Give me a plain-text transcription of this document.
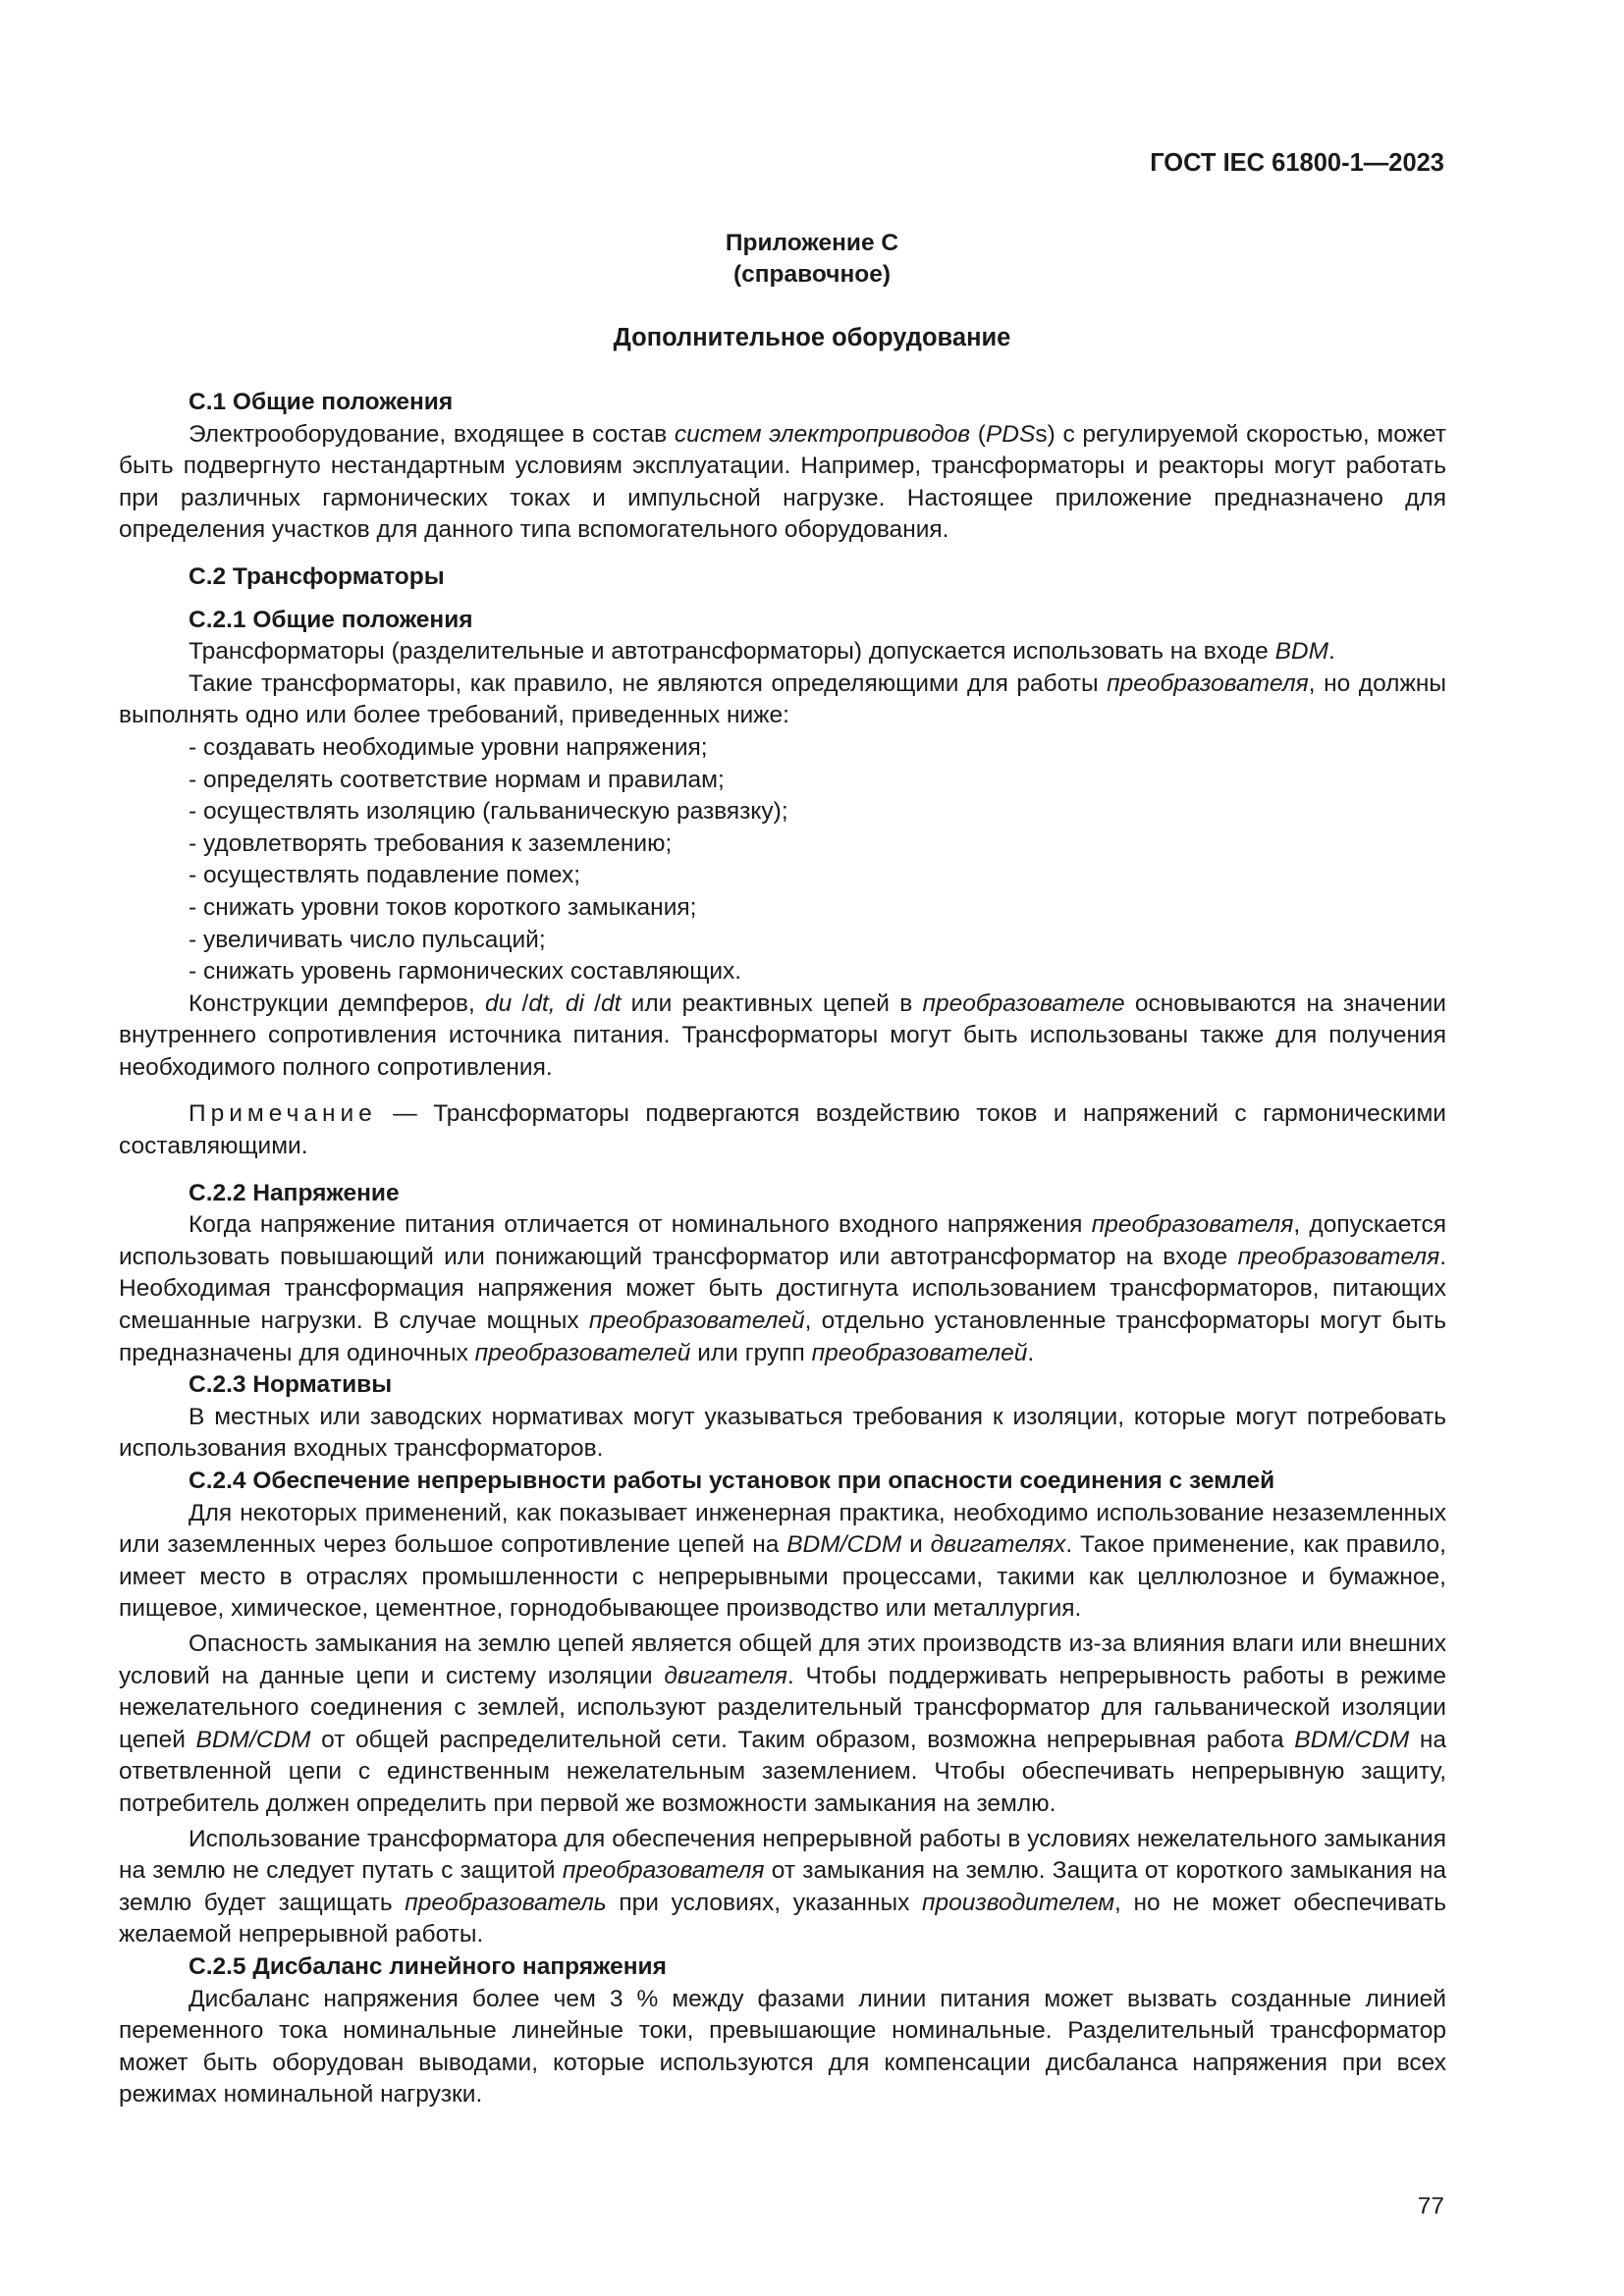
ГОСТ IEC 61800-1—2023
Приложение С
(справочное)
Дополнительное оборудование
С.1 Общие положения
Электрооборудование, входящее в состав систем электроприводов (PDSs) с регулируемой скоростью, может быть подвергнуто нестандартным условиям эксплуатации. Например, трансформаторы и реакторы могут работать при различных гармонических токах и импульсной нагрузке. Настоящее приложение предназначено для определения участков для данного типа вспомогательного оборудования.
С.2 Трансформаторы
С.2.1 Общие положения
Трансформаторы (разделительные и автотрансформаторы) допускается использовать на входе BDM.
Такие трансформаторы, как правило, не являются определяющими для работы преобразователя, но должны выполнять одно или более требований, приведенных ниже:
- создавать необходимые уровни напряжения;
- определять соответствие нормам и правилам;
- осуществлять изоляцию (гальваническую развязку);
- удовлетворять требования к заземлению;
- осуществлять подавление помех;
- снижать уровни токов короткого замыкания;
- увеличивать число пульсаций;
- снижать уровень гармонических составляющих.
Конструкции демпферов, du /dt, di /dt или реактивных цепей в преобразователе основываются на значении внутреннего сопротивления источника питания. Трансформаторы могут быть использованы также для получения необходимого полного сопротивления.
Примечание — Трансформаторы подвергаются воздействию токов и напряжений с гармоническими составляющими.
С.2.2 Напряжение
Когда напряжение питания отличается от номинального входного напряжения преобразователя, допускается использовать повышающий или понижающий трансформатор или автотрансформатор на входе преобразователя. Необходимая трансформация напряжения может быть достигнута использованием трансформаторов, питающих смешанные нагрузки. В случае мощных преобразователей, отдельно установленные трансформаторы могут быть предназначены для одиночных преобразователей или групп преобразователей.
С.2.3 Нормативы
В местных или заводских нормативах могут указываться требования к изоляции, которые могут потребовать использования входных трансформаторов.
С.2.4 Обеспечение непрерывности работы установок при опасности соединения с землей
Для некоторых применений, как показывает инженерная практика, необходимо использование незаземленных или заземленных через большое сопротивление цепей на BDM/CDM и двигателях. Такое применение, как правило, имеет место в отраслях промышленности с непрерывными процессами, такими как целлюлозное и бумажное, пищевое, химическое, цементное, горнодобывающее производство или металлургия.
Опасность замыкания на землю цепей является общей для этих производств из-за влияния влаги или внешних условий на данные цепи и систему изоляции двигателя. Чтобы поддерживать непрерывность работы в режиме нежелательного соединения с землей, используют разделительный трансформатор для гальванической изоляции цепей BDM/CDM от общей распределительной сети. Таким образом, возможна непрерывная работа BDM/CDM на ответвленной цепи с единственным нежелательным заземлением. Чтобы обеспечивать непрерывную защиту, потребитель должен определить при первой же возможности замыкания на землю.
Использование трансформатора для обеспечения непрерывной работы в условиях нежелательного замыкания на землю не следует путать с защитой преобразователя от замыкания на землю. Защита от короткого замыкания на землю будет защищать преобразователь при условиях, указанных производителем, но не может обеспечивать желаемой непрерывной работы.
С.2.5 Дисбаланс линейного напряжения
Дисбаланс напряжения более чем 3 % между фазами линии питания может вызвать созданные линией переменного тока номинальные линейные токи, превышающие номинальные. Разделительный трансформатор может быть оборудован выводами, которые используются для компенсации дисбаланса напряжения при всех режимах номинальной нагрузки.
77
